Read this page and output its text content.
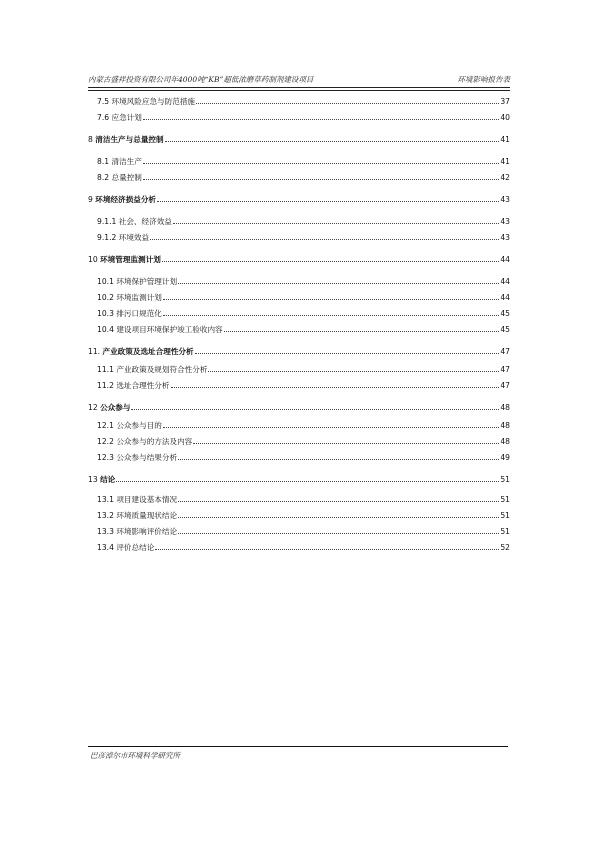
内蒙古盛祥投资有限公司年4000吨“KB”超低浓磨草药制剂建设项目	环境影响报告表
7.5 环境风险应急与防范措施	37
7.6 应急计划	40
8 清洁生产与总量控制	41
8.1 清洁生产	41
8.2 总量控制	42
9 环境经济损益分析	43
9.1.1 社会、经济效益	43
9.1.2 环境效益	43
10 环境管理监测计划	44
10.1 环境保护管理计划	44
10.2 环境监测计划	44
10.3 排污口规范化	45
10.4 建设项目环境保护竣工验收内容	45
11. 产业政策及选址合理性分析	47
11.1 产业政策及规划符合性分析	47
11.2 选址合理性分析	47
12 公众参与	48
12.1 公众参与目的	48
12.2 公众参与的方法及内容	48
12.3 公众参与结果分析	49
13 结论	51
13.1 项目建设基本情况	51
13.2 环境质量现状结论	51
13.3 环境影响评价结论	51
13.4 评价总结论	52
巴彦淖尔市环境科学研究所
